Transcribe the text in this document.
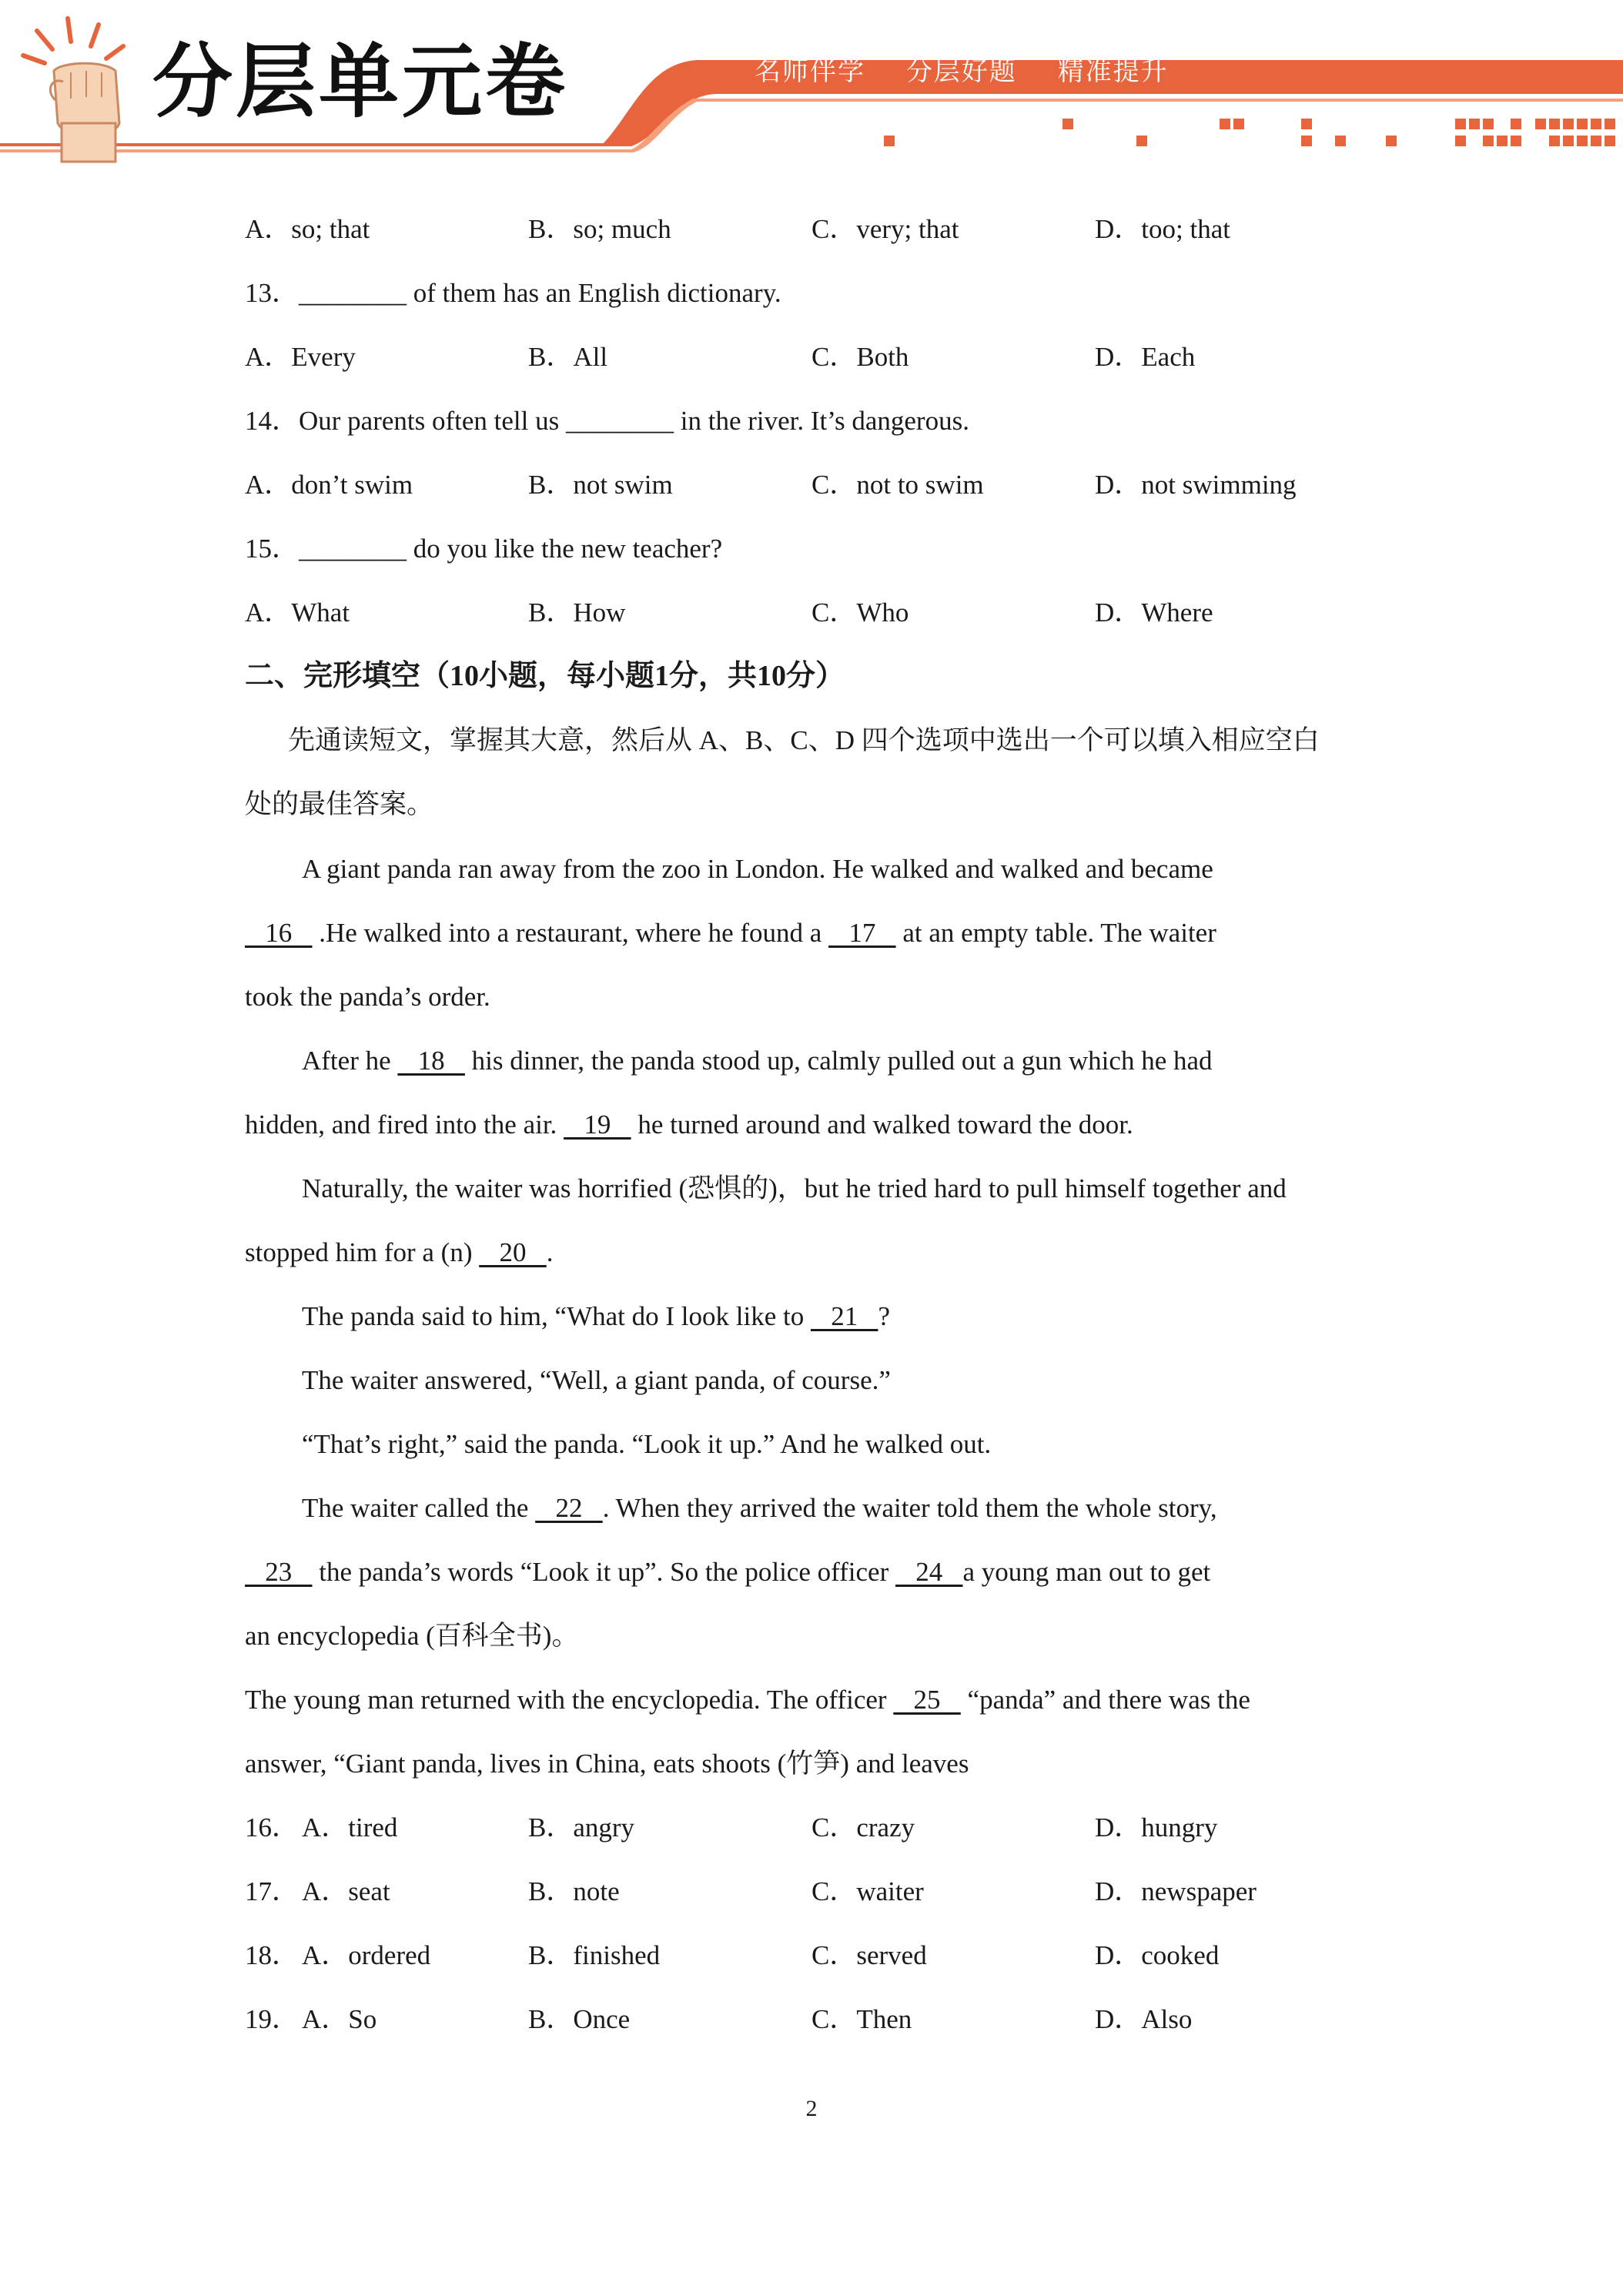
分层单元卷	名师伴学 分层好题 精准提升
A．so; that	B．so; much	C．very; that	D．too; that
13．________ of them has an English dictionary.
A．Every	B．All	C．Both	D．Each
14．Our parents often tell us ________ in the river. It’s dangerous.
A．don’t swim	B．not swim	C．not to swim	D．not swimming
15．________ do you like the new teacher?
A．What	B．How	C．Who	D．Where
二、完形填空（10小题，每小题1分，共10分）
先通读短文，掌握其大意，然后从 A、B、C、D 四个选项中选出一个可以填入相应空白
处的最佳答案。
A giant panda ran away from the zoo in London. He walked and walked and became
16    .He walked into a restaurant, where he found a    17    at an empty table. The waiter
took the panda’s order.
After he    18    his dinner, the panda stood up, calmly pulled out a gun which he had
hidden, and fired into the air.    19    he turned around and walked toward the door.
Naturally, the waiter was horrified (恐惧的)，but he tried hard to pull himself together and
stopped him for a (n)    20   .
The panda said to him, “What do I look like to    21   ?
The waiter answered, “Well, a giant panda, of course.”
“That’s right,” said the panda. “Look it up.” And he walked out.
The waiter called the    22   . When they arrived the waiter told them the whole story,
23    the panda’s words “Look it up”. So the police officer    24   a young man out to get
an encyclopedia (百科全书)。
The young man returned with the encyclopedia. The officer    25    “panda” and there was the
answer, “Giant panda, lives in China, eats shoots (竹笋) and leaves
16． A．tired	B．angry	C．crazy	D．hungry
17． A．seat	B．note	C．waiter	D．newspaper
18． A．ordered	B．finished	C．served	D．cooked
19． A．So	B．Once	C．Then	D．Also
2
